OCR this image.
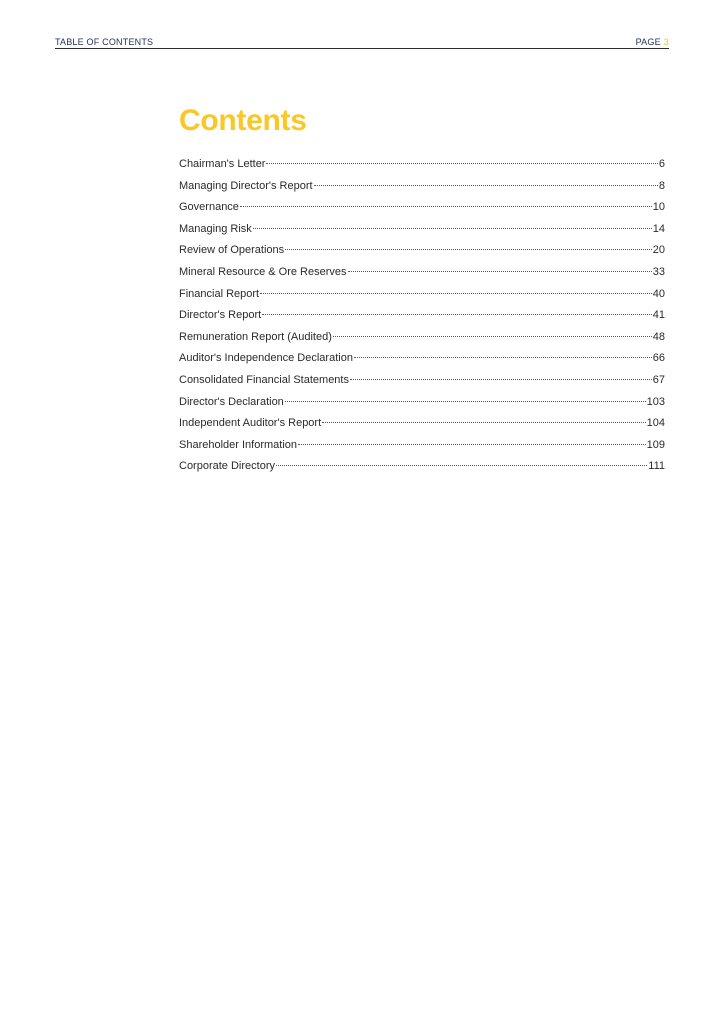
TABLE OF CONTENTS	PAGE 3
Contents
Chairman's Letter	6
Managing Director's Report	8
Governance	10
Managing Risk	14
Review of Operations	20
Mineral Resource & Ore Reserves	33
Financial Report	40
Director's Report	41
Remuneration Report (Audited)	48
Auditor's Independence Declaration	66
Consolidated Financial Statements	67
Director's Declaration	103
Independent Auditor's Report	104
Shareholder Information	109
Corporate Directory	111
